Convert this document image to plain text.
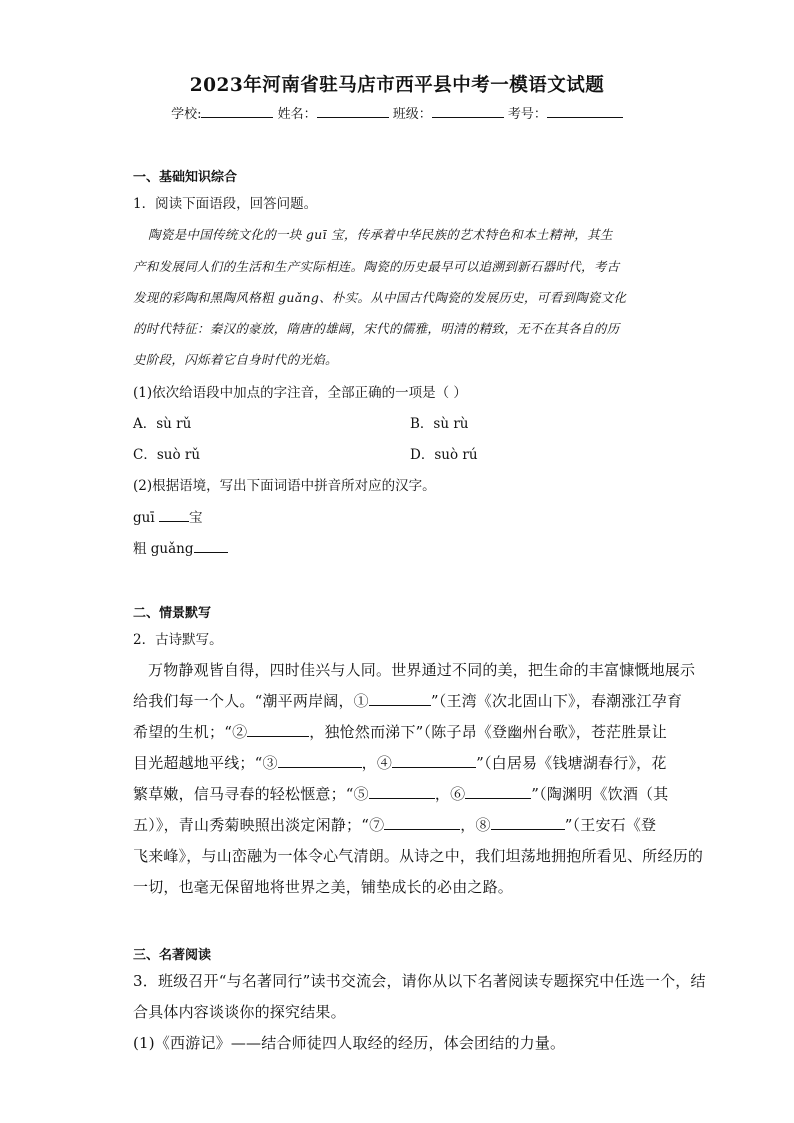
2023年河南省驻马店市西平县中考一模语文试题
学校:	姓名：	班级：	考号：
一、基础知识综合
1．阅读下面语段，回答问题。
陶瓷是中国传统文化的一块 guī 宝，传承着中华民族的艺术特色和本土精神，其生
产和发展同人们的生活和生产实际相连。陶瓷的历史最早可以追溯到新石器时代，考古
发现的彩陶和黑陶风格粗 guǎng、朴实。从中国古代陶瓷的发展历史，可看到陶瓷文化
的时代特征：秦汉的豪放，隋唐的雄阔，宋代的儒雅，明清的精致，无不在其各自的历
史阶段，闪烁着它自身时代的光焰。
(1)依次给语段中加点的字注音，全部正确的一项是（ ）
A．sù rǔ	B．sù rù
C．suò rǔ	D．suò rú
(2)根据语境，写出下面词语中拼音所对应的汉字。
guī 宝
粗 guǎng
二、情景默写
2．古诗默写。
万物静观皆自得，四时佳兴与人同。世界通过不同的美，把生命的丰富慷慨地展示
给我们每一个人。“潮平两岸阔，①	”（王湾《次北固山下》，春潮涨江孕育
希望的生机；“②	，独怆然而涕下”（陈子昂《登幽州台歌》，苍茫胜景让
目光超越地平线；“③	，④	”（白居易《钱塘湖春行》，花
繁草嫩，信马寻春的轻松惬意；“⑤	，⑥	”（陶渊明《饮酒（其
五）》，青山秀菊映照出淡定闲静；“⑦	，⑧	”（王安石《登
飞来峰》，与山峦融为一体令心气清朗。从诗之中，我们坦荡地拥抱所看见、所经历的
一切，也毫无保留地将世界之美，铺垫成长的必由之路。
三、名著阅读
3．班级召开“与名著同行”读书交流会，请你从以下名著阅读专题探究中任选一个，结
合具体内容谈谈你的探究结果。
(1)《西游记》——结合师徒四人取经的经历，体会团结的力量。
